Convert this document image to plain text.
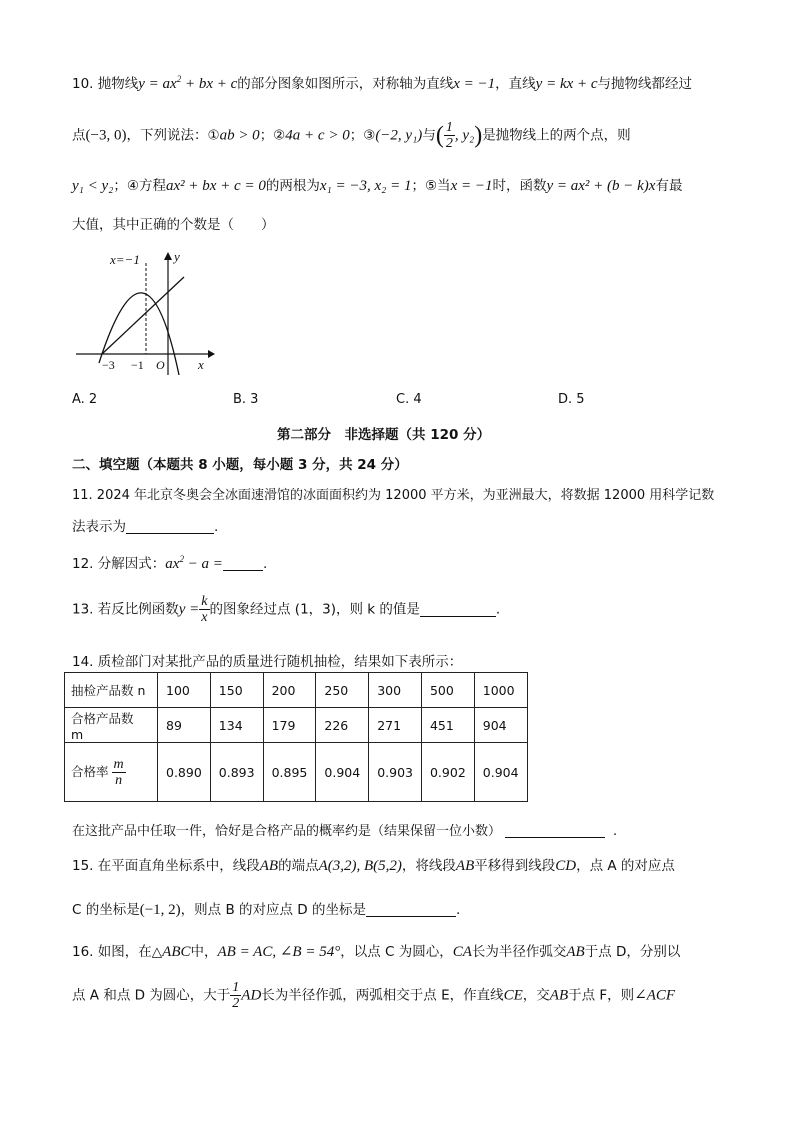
10. 抛物线$y = ax^2$ + bx + c的部分图象如图所示，对称轴为直线x = −1，直线y = kx + c与抛物线都经过
点(−3, 0)，下列说法：①ab > 0；②4a + c > 0；③(−2, y₁)与( $\frac{1}{2}$ , y₂)是抛物线上的两个点，则
y₁ < y₂；④方程ax² + bx + c = 0的两根为x₁ = −3, x₂ = 1；⑤当x = −1时，函数y = ax² + (b − k)x有最
大值，其中正确的个数是（　　）
x=−1	y
x
−3 −1 O
A. 2	B. 3	C. 4	D. 5
第二部分　非选择题（共 120 分）
二、填空题（本题共 8 小题，每小题 3 分，共 24 分）
11. 2024 年北京冬奥会全冰面速滑馆的冰面面积约为 12000 平方米，为亚洲最大，将数据 12000 用科学记数
法表示为	.
12. 分解因式：$ax^2 - a$ =	.
13. 若反比例函数$y = \frac{k}{x}$ 的图象经过点 (1，3)，则 k 的值是	.
14. 质检部门对某批产品的质量进行随机抽检，结果如下表所示：
抽检产品数 n	100	150	200	250	300	500	1000
合格产品数 m	89	134	179	226	271	451	904
合格率 $\frac{m}{n}$	0.890	0.893	0.895	0.904	0.903	0.902	0.904
在这批产品中任取一件，恰好是合格产品的概率约是（结果保留一位小数）	.
15. 在平面直角坐标系中，线段AB的端点A(3,2), B(5,2)，将线段AB平移得到线段CD，点 A 的对应点
C 的坐标是(−1, 2)，则点 B 的对应点 D 的坐标是	.
16. 如图，在△ABC中，AB = AC, ∠B = 54°，以点 C 为圆心，CA长为半径作弧交AB于点 D，分别以
点 A 和点 D 为圆心，大于 $\frac{1}{2}$ AD长为半径作弧，两弧相交于点 E，作直线CE，交AB于点 F，则∠ACF
